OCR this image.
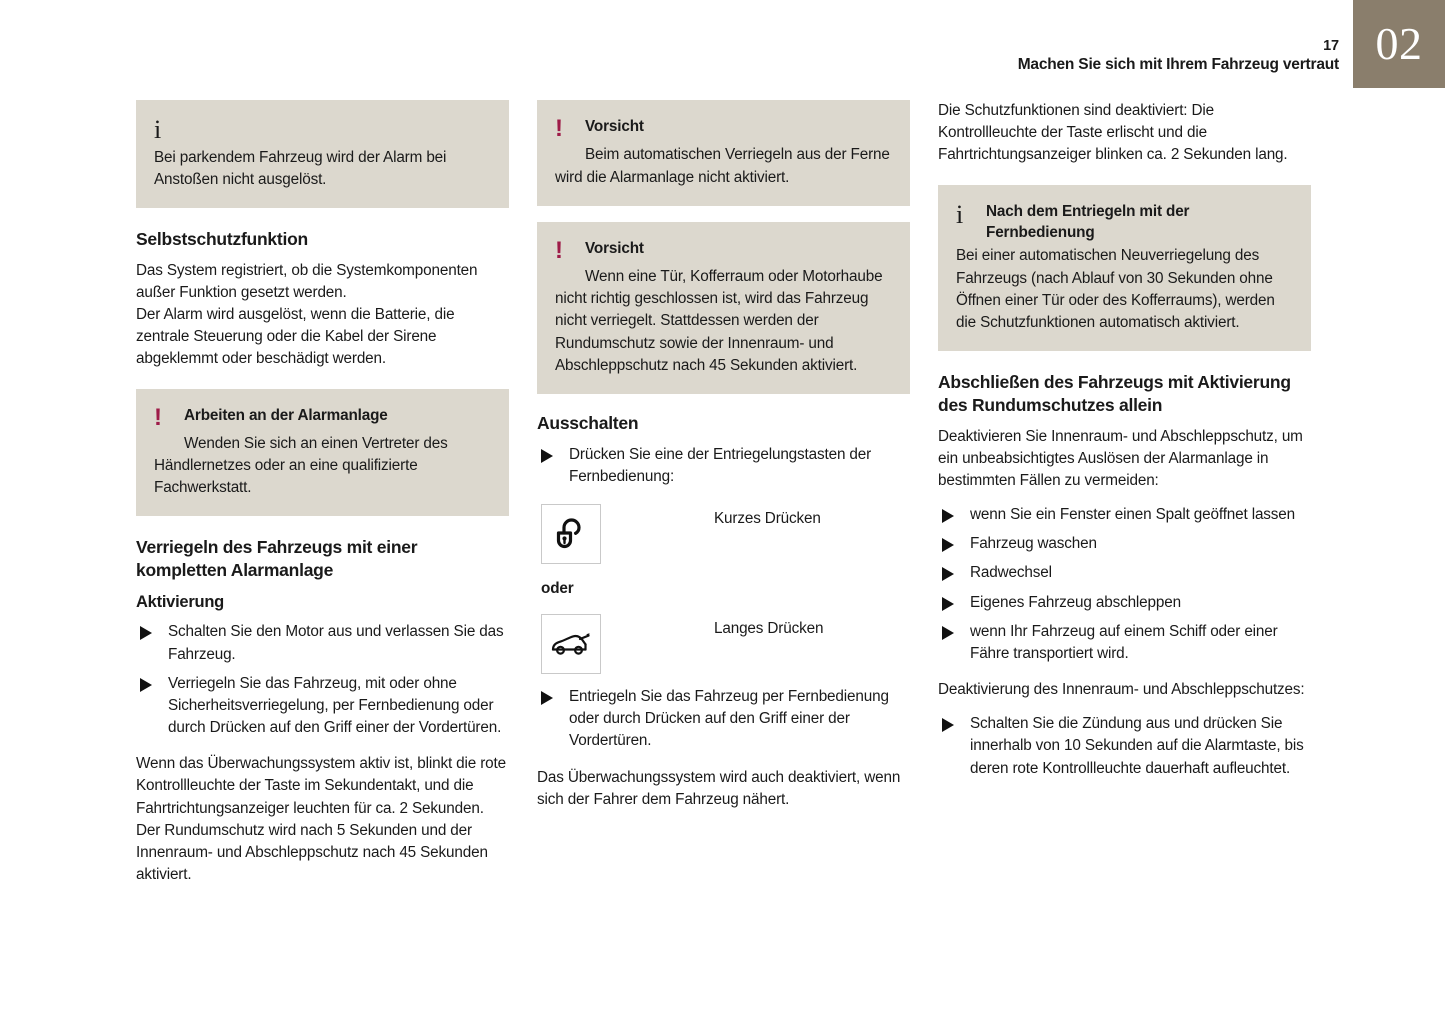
17
Machen Sie sich mit Ihrem Fahrzeug vertraut 02
i
Bei parkendem Fahrzeug wird der Alarm bei Anstoßen nicht ausgelöst.
Selbstschutzfunktion

Das System registriert, ob die Systemkomponenten außer Funktion gesetzt werden.

Der Alarm wird ausgelöst, wenn die Batterie, die zentrale Steuerung oder die Kabel der Sirene abgeklemmt oder beschädigt werden.

!	Arbeiten an der Alarmanlage
Wenden Sie sich an einen Vertreter des Händlernetzes oder an eine qualifizierte Fachwerkstatt.
Verriegeln des Fahrzeugs mit einer kompletten Alarmanlage
Aktivierung
Schalten Sie den Motor aus und verlassen Sie das Fahrzeug.
Verriegeln Sie das Fahrzeug, mit oder ohne Sicherheitsverriegelung, per Fernbedienung oder durch Drücken auf den Griff einer der Vordertüren.

Wenn das Überwachungssystem aktiv ist, blinkt die rote Kontrollleuchte der Taste im Sekundentakt, und die Fahrtrichtungsanzeiger leuchten für ca. 2 Sekunden.

Der Rundumschutz wird nach 5 Sekunden und der Innenraum- und Abschleppschutz nach 45 Sekunden aktiviert.

!	Vorsicht
Beim automatischen Verriegeln aus der Ferne wird die Alarmanlage nicht aktiviert.
!	Vorsicht
Wenn eine Tür, Kofferraum oder Motorhaube nicht richtig geschlossen ist, wird das Fahrzeug nicht verriegelt. Stattdessen werden der Rundumschutz sowie der Innenraum- und Abschleppschutz nach 45 Sekunden aktiviert.
Ausschalten
Drücken Sie eine der Entriegelungstasten der Fernbedienung:
Kurzes Drücken
oder
Langes Drücken
Entriegeln Sie das Fahrzeug per Fernbedienung oder durch Drücken auf den Griff einer der Vordertüren.

Das Überwachungssystem wird auch deaktiviert, wenn sich der Fahrer dem Fahrzeug nähert.

Die Schutzfunktionen sind deaktiviert: Die Kontrollleuchte der Taste erlischt und die Fahrtrichtungsanzeiger blinken ca. 2 Sekunden lang.

i	Nach dem Entriegeln mit der Fernbedienung
Bei einer automatischen Neuverriegelung des Fahrzeugs (nach Ablauf von 30 Sekunden ohne Öffnen einer Tür oder des Kofferraums), werden die Schutzfunktionen automatisch aktiviert.
Abschließen des Fahrzeugs mit Aktivierung des Rundumschutzes allein

Deaktivieren Sie Innenraum- und Abschleppschutz, um ein unbeabsichtigtes Auslösen der Alarmanlage in bestimmten Fällen zu vermeiden:

wenn Sie ein Fenster einen Spalt geöffnet lassen
Fahrzeug waschen
Radwechsel
Eigenes Fahrzeug abschleppen
wenn Ihr Fahrzeug auf einem Schiff oder einer Fähre transportiert wird.

Deaktivierung des Innenraum- und Abschleppschutzes:

Schalten Sie die Zündung aus und drücken Sie innerhalb von 10 Sekunden auf die Alarmtaste, bis deren rote Kontrollleuchte dauerhaft aufleuchtet.
